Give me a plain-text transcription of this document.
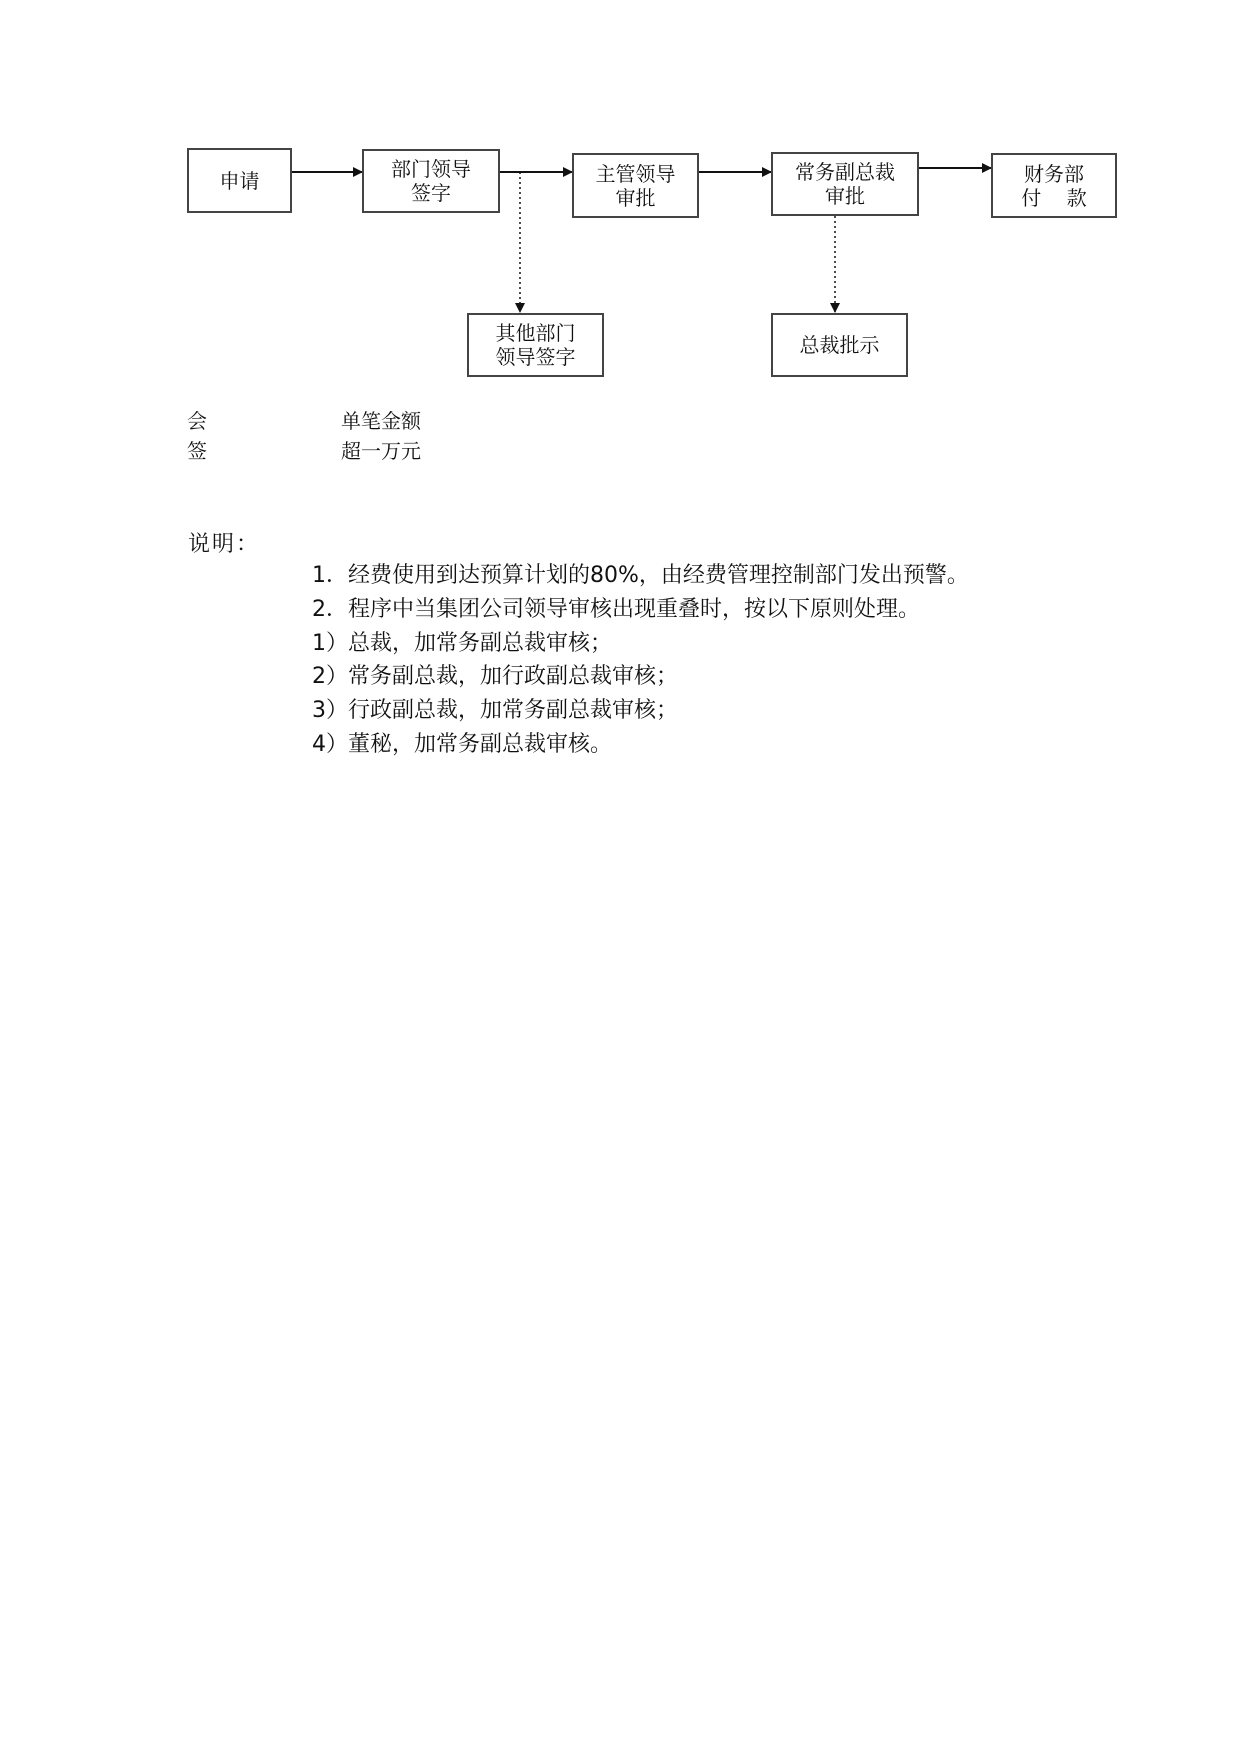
申请	部门领导
签字
主管领导
审批
常务副总裁
审批
财务部
付    款
其他部门
领导签字	总裁批示
会
签
单笔金额
超一万元
说明：
1．经费使用到达预算计划的80%，由经费管理控制部门发出预警。
2．程序中当集团公司领导审核出现重叠时，按以下原则处理。
1）总裁，加常务副总裁审核；
2）常务副总裁，加行政副总裁审核；
3）行政副总裁，加常务副总裁审核；
4）董秘，加常务副总裁审核。
